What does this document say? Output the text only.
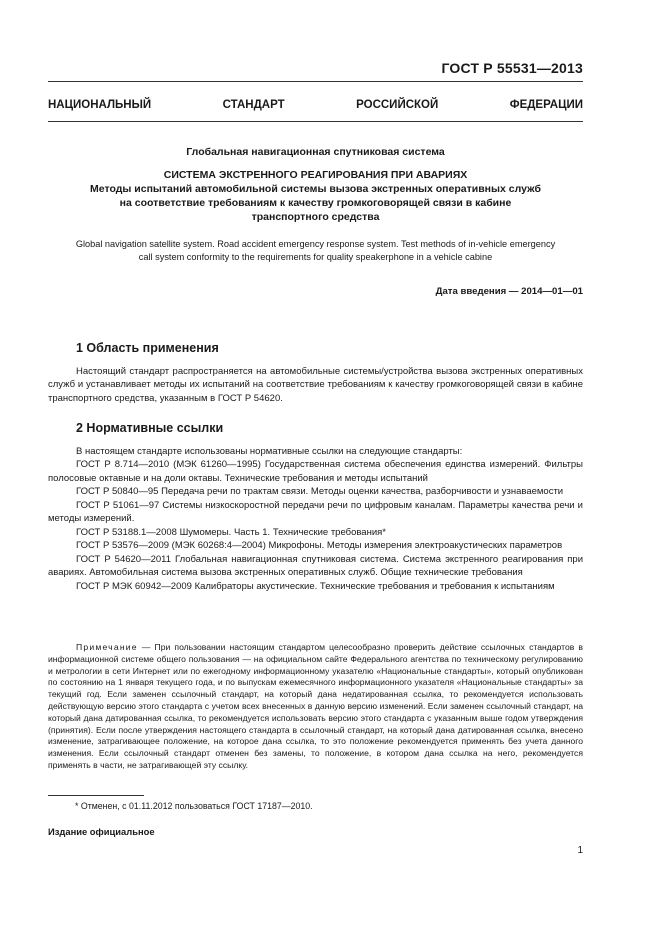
ГОСТ Р 55531—2013
НАЦИОНАЛЬНЫЙ СТАНДАРТ РОССИЙСКОЙ ФЕДЕРАЦИИ
Глобальная навигационная спутниковая система
СИСТЕМА ЭКСТРЕННОГО РЕАГИРОВАНИЯ ПРИ АВАРИЯХ
Методы испытаний автомобильной системы вызова экстренных оперативных служб
на соответствие требованиям к качеству громкоговорящей связи в кабине
транспортного средства
Global navigation satellite system. Road accident emergency response system. Test methods of in-vehicle emergency
call system conformity to the requirements for quality speakerphone in a vehicle cabine
Дата введения — 2014—01—01
1 Область применения
Настоящий стандарт распространяется на автомобильные системы/устройства вызова экстренных оперативных служб и устанавливает методы их испытаний на соответствие требованиям к качеству громкоговорящей связи в кабине транспортного средства, указанным в ГОСТ Р 54620.
2 Нормативные ссылки
В настоящем стандарте использованы нормативные ссылки на следующие стандарты:
ГОСТ Р 8.714—2010 (МЭК 61260—1995) Государственная система обеспечения единства измерений. Фильтры полосовые октавные и на доли октавы. Технические требования и методы испытаний
ГОСТ Р 50840—95 Передача речи по трактам связи. Методы оценки качества, разборчивости и узнаваемости
ГОСТ Р 51061—97 Системы низкоскоростной передачи речи по цифровым каналам. Параметры качества речи и методы измерений.
ГОСТ Р 53188.1—2008 Шумомеры. Часть 1. Технические требования*
ГОСТ Р 53576—2009 (МЭК 60268:4—2004) Микрофоны. Методы измерения электроакустических параметров
ГОСТ Р 54620—2011 Глобальная навигационная спутниковая система. Система экстренного реагирования при авариях. Автомобильная система вызова экстренных оперативных служб. Общие технические требования
ГОСТ Р МЭК 60942—2009 Калибраторы акустические. Технические требования и требования к испытаниям
Примечание — При пользовании настоящим стандартом целесообразно проверить действие ссылочных стандартов в информационной системе общего пользования — на официальном сайте Федерального агентства по техническому регулированию и метрологии в сети Интернет или по ежегодному информационному указателю «Национальные стандарты», который опубликован по состоянию на 1 января текущего года, и по выпускам ежемесячного информационного указателя «Национальные стандарты» за текущий год. Если заменен ссылочный стандарт, на который дана недатированная ссылка, то рекомендуется использовать действующую версию этого стандарта с учетом всех внесенных в данную версию изменений. Если заменен ссылочный стандарт, на который дана датированная ссылка, то рекомендуется использовать версию этого стандарта с указанным выше годом утверждения (принятия). Если после утверждения настоящего стандарта в ссылочный стандарт, на который дана датированная ссылка, внесено изменение, затрагивающее положение, на которое дана ссылка, то это положение рекомендуется применять без учета данного изменения. Если ссылочный стандарт отменен без замены, то положение, в котором дана ссылка на него, рекомендуется применять в части, не затрагивающей эту ссылку.
* Отменен, с 01.11.2012 пользоваться ГОСТ 17187—2010.
Издание официальное
1
